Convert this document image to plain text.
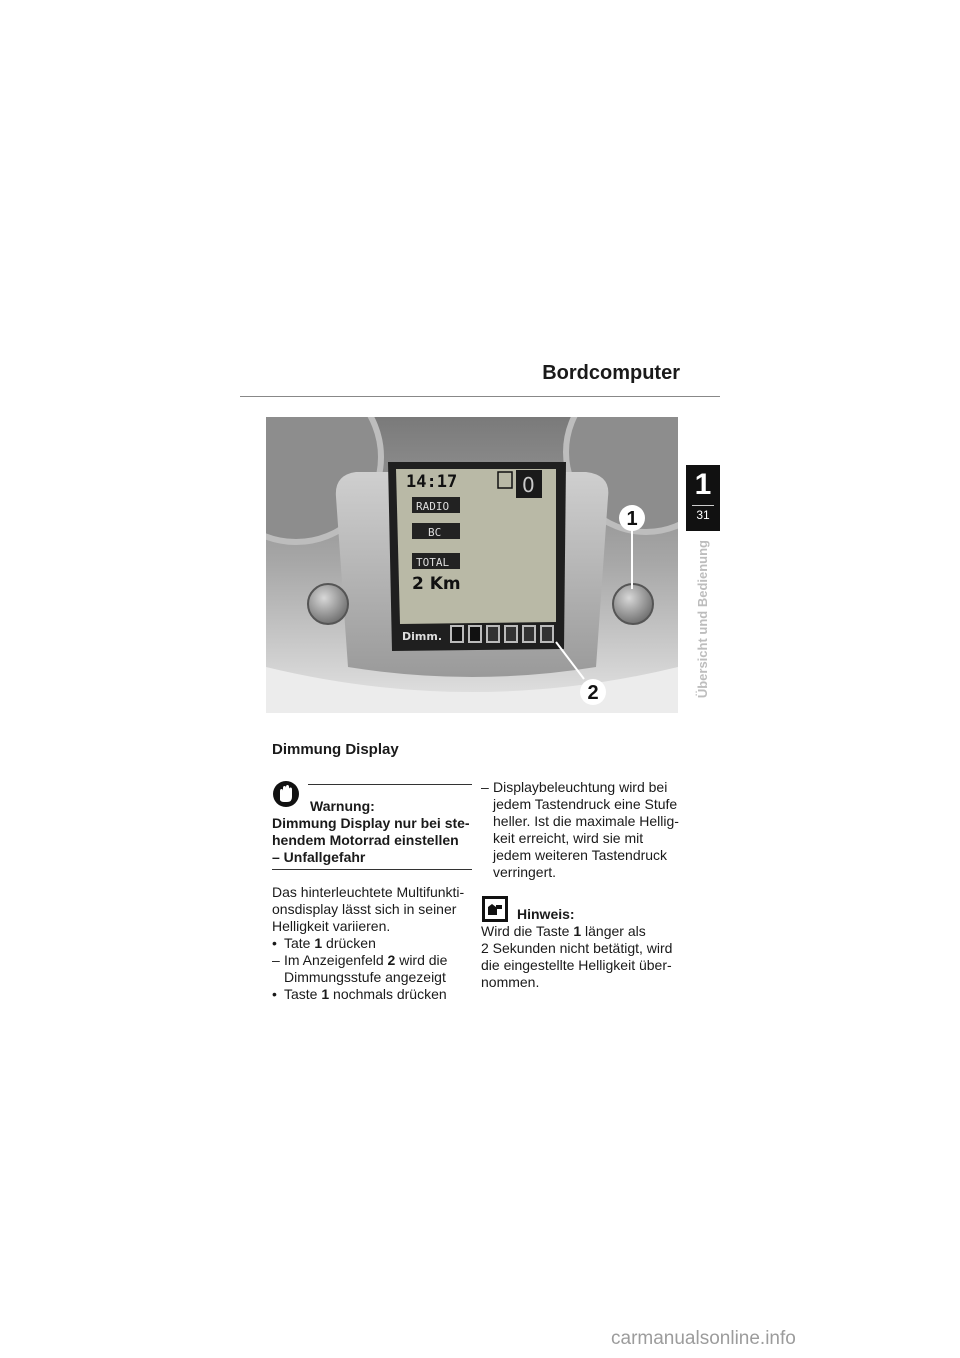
Bordcomputer
1
31
Übersicht und Bedienung
14:17	0
RADIO
BC
TOTAL
2 Km
Dimm.
1
2
Dimmung Display
Warnung:

Dimmung Display nur bei ste-
hendem Motorrad einstellen
– Unfallgefahr

Das hinterleuchtete Multifunkti-
onsdisplay lässt sich in seiner
Helligkeit variieren.

• Tate 1 drücken
– Im Anzeigenfeld 2 wird die
Dimmungsstufe angezeigt
• Taste 1 nochmals drücken
– Displaybeleuchtung wird bei
jedem Tastendruck eine Stufe
heller. Ist die maximale Hellig-
keit erreicht, wird sie mit
jedem weiteren Tastendruck
verringert.
Hinweis:

Wird die Taste 1 länger als
2 Sekunden nicht betätigt, wird
die eingestellte Helligkeit über-
nommen.

carmanualsonline.info
